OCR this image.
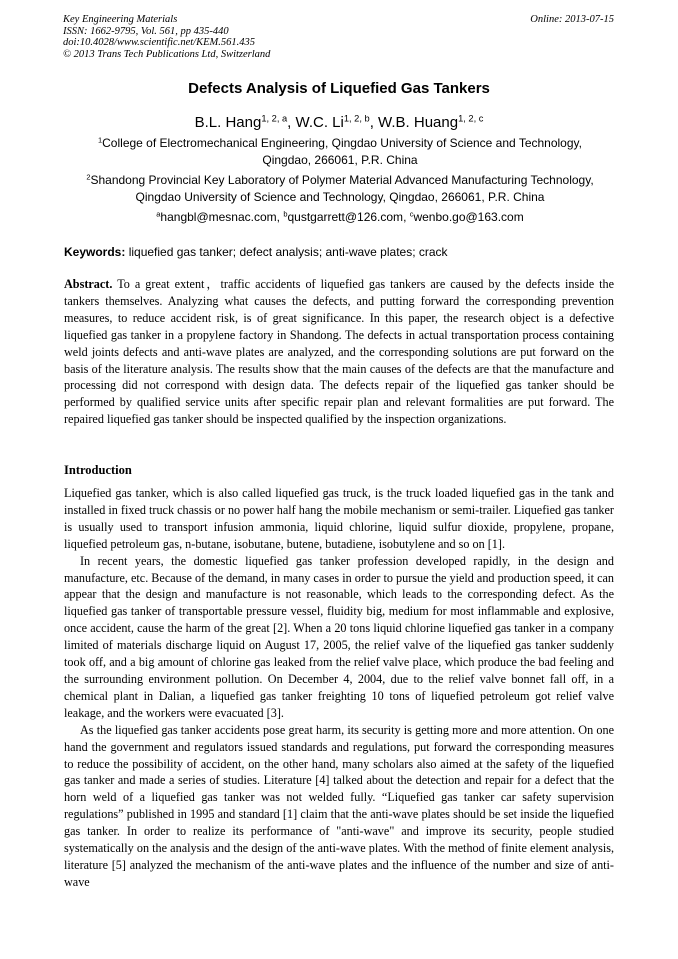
Key Engineering Materials
ISSN: 1662-9795, Vol. 561, pp 435-440
doi:10.4028/www.scientific.net/KEM.561.435
© 2013 Trans Tech Publications Ltd, Switzerland
Online: 2013-07-15
Defects Analysis of Liquefied Gas Tankers
B.L. Hang$^{1, 2, a}$, W.C. Li$^{1, 2, b}$, W.B. Huang$^{1, 2, c}$
$^1$College of Electromechanical Engineering, Qingdao University of Science and Technology,
Qingdao, 266061, P.R. China
$^2$Shandong Provincial Key Laboratory of Polymer Material Advanced Manufacturing Technology,
Qingdao University of Science and Technology, Qingdao, 266061, P.R. China
$^a$hangbl@mesnac.com, $^b$qustgarrett@126.com, $^c$wenbo.go@163.com
Keywords: liquefied gas tanker; defect analysis; anti-wave plates; crack
Abstract. To a great extent，traffic accidents of liquefied gas tankers are caused by the defects inside the tankers themselves. Analyzing what causes the defects, and putting forward the corresponding prevention measures, to reduce accident risk, is of great significance. In this paper, the research object is a defective liquefied gas tanker in a propylene factory in Shandong. The defects in actual transportation process containing weld joints defects and anti-wave plates are analyzed, and the corresponding solutions are put forward on the basis of the literature analysis. The results show that the main causes of the defects are that the manufacture and processing did not correspond with design data. The defects repair of the liquefied gas tanker should be performed by qualified service units after specific repair plan and relevant formalities are put forward. The repaired liquefied gas tanker should be inspected qualified by the inspection organizations.
Introduction

Liquefied gas tanker, which is also called liquefied gas truck, is the truck loaded liquefied gas in the tank and installed in fixed truck chassis or no power half hang the mobile mechanism or semi-trailer. Liquefied gas tanker is usually used to transport infusion ammonia, liquid chlorine, liquid sulfur dioxide, propylene, propane, liquefied petroleum gas, n-butane, isobutane, butene, butadiene, isobutylene and so on [1].

In recent years, the domestic liquefied gas tanker profession developed rapidly, in the design and manufacture, etc. Because of the demand, in many cases in order to pursue the yield and production speed, it can appear that the design and manufacture is not reasonable, which leads to the corresponding defect. As the liquefied gas tanker of transportable pressure vessel, fluidity big, medium for most inflammable and explosive, once accident, cause the harm of the great [2]. When a 20 tons liquid chlorine liquefied gas tanker in a company limited of materials discharge liquid on August 17, 2005, the relief valve of the liquefied gas tanker suddenly took off, and a big amount of chlorine gas leaked from the relief valve place, which produce the bad feeling and the surrounding environment pollution. On December 4, 2004, due to the relief valve bonnet fall off, in a chemical plant in Dalian, a liquefied gas tanker freighting 10 tons of liquefied petroleum got relief valve leakage, and the workers were evacuated [3].

As the liquefied gas tanker accidents pose great harm, its security is getting more and more attention. On one hand the government and regulators issued standards and regulations, put forward the corresponding measures to reduce the possibility of accident, on the other hand, many scholars also aimed at the safety of the liquefied gas tanker and made a series of studies. Literature [4] talked about the detection and repair for a defect that the horn weld of a liquefied gas tanker was not welded fully. “Liquefied gas tanker car safety supervision regulations” published in 1995 and standard [1] claim that the anti-wave plates should be set inside the liquefied gas tanker. In order to realize its performance of "anti-wave" and improve its security, people studied systematically on the analysis and the design of the anti-wave plates. With the method of finite element analysis, literature [5] analyzed the mechanism of the anti-wave plates and the influence of the number and size of anti-wave
